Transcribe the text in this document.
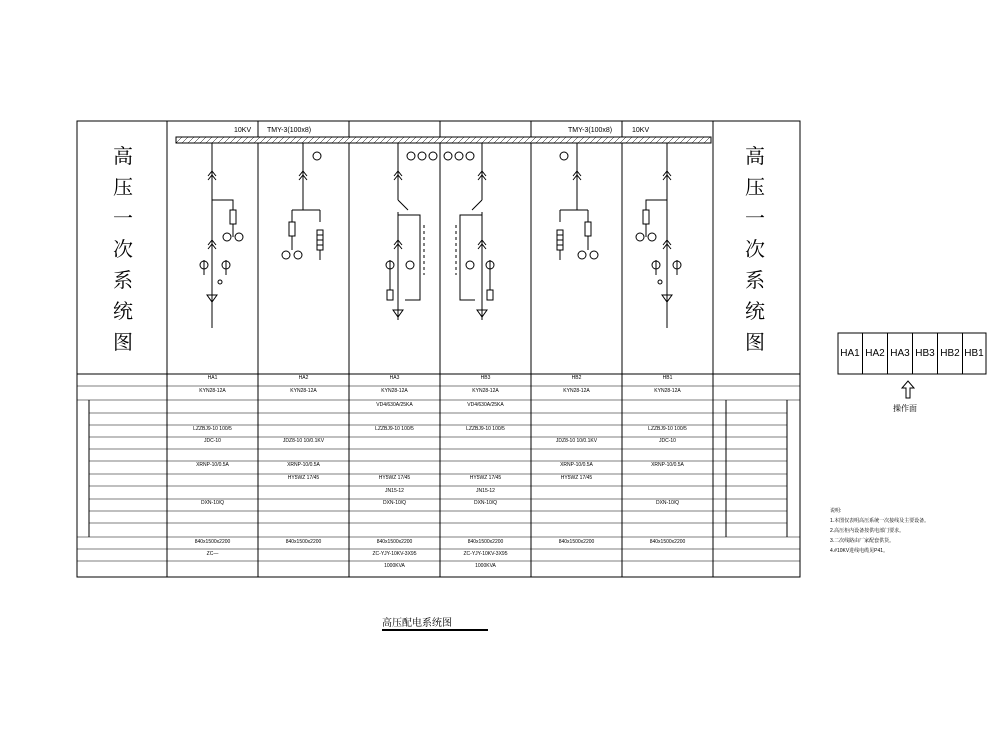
10KV TMY-3(100x8)	TMY-3(100x8)	10KV
高
压
一
次
系
统
图
高
压
一
次
系
统
图
HA1
KYN28-12A
LZZBJ9-10 100/5
JDC-10
XRNP-10/0.5A
DXN-10/Q
840x1500x2200
ZC—
HA2
KYN28-12A
JDZ8-10 10/0.1KV
XRNP-10/0.5A
HY5WZ 17/45
840x1500x2200
HA3
KYN28-12A
VD4/630A/25KA
LZZBJ9-10 100/5
HY5WZ 17/45
JN15-12
DXN-10/Q
840x1500x2200
ZC-YJY-10KV-3X95
1000KVA
HB3
KYN28-12A
VD4/630A/25KA
LZZBJ9-10 100/5
HY5WZ 17/45
JN15-12
DXN-10/Q
840x1500x2200
ZC-YJY-10KV-3X95
1000KVA
HB2
KYN28-12A
JDZ8-10 10/0.1KV
XRNP-10/0.5A
HY5WZ 17/45
840x1500x2200
HB1
KYN28-12A
LZZBJ9-10 100/5
JDC-10
XRNP-10/0.5A
DXN-10/Q
840x1500x2200
HA1 HA2 HA3 HB3 HB2 HB1
操作面
说明:
1.本图仅表明高压系统一次接线及主要设备。
2.高压柜内设备按供电部门要求。
3.二次线路由厂家配套供货。
4.#10KV进线电缆见P41。
高压配电系统图
